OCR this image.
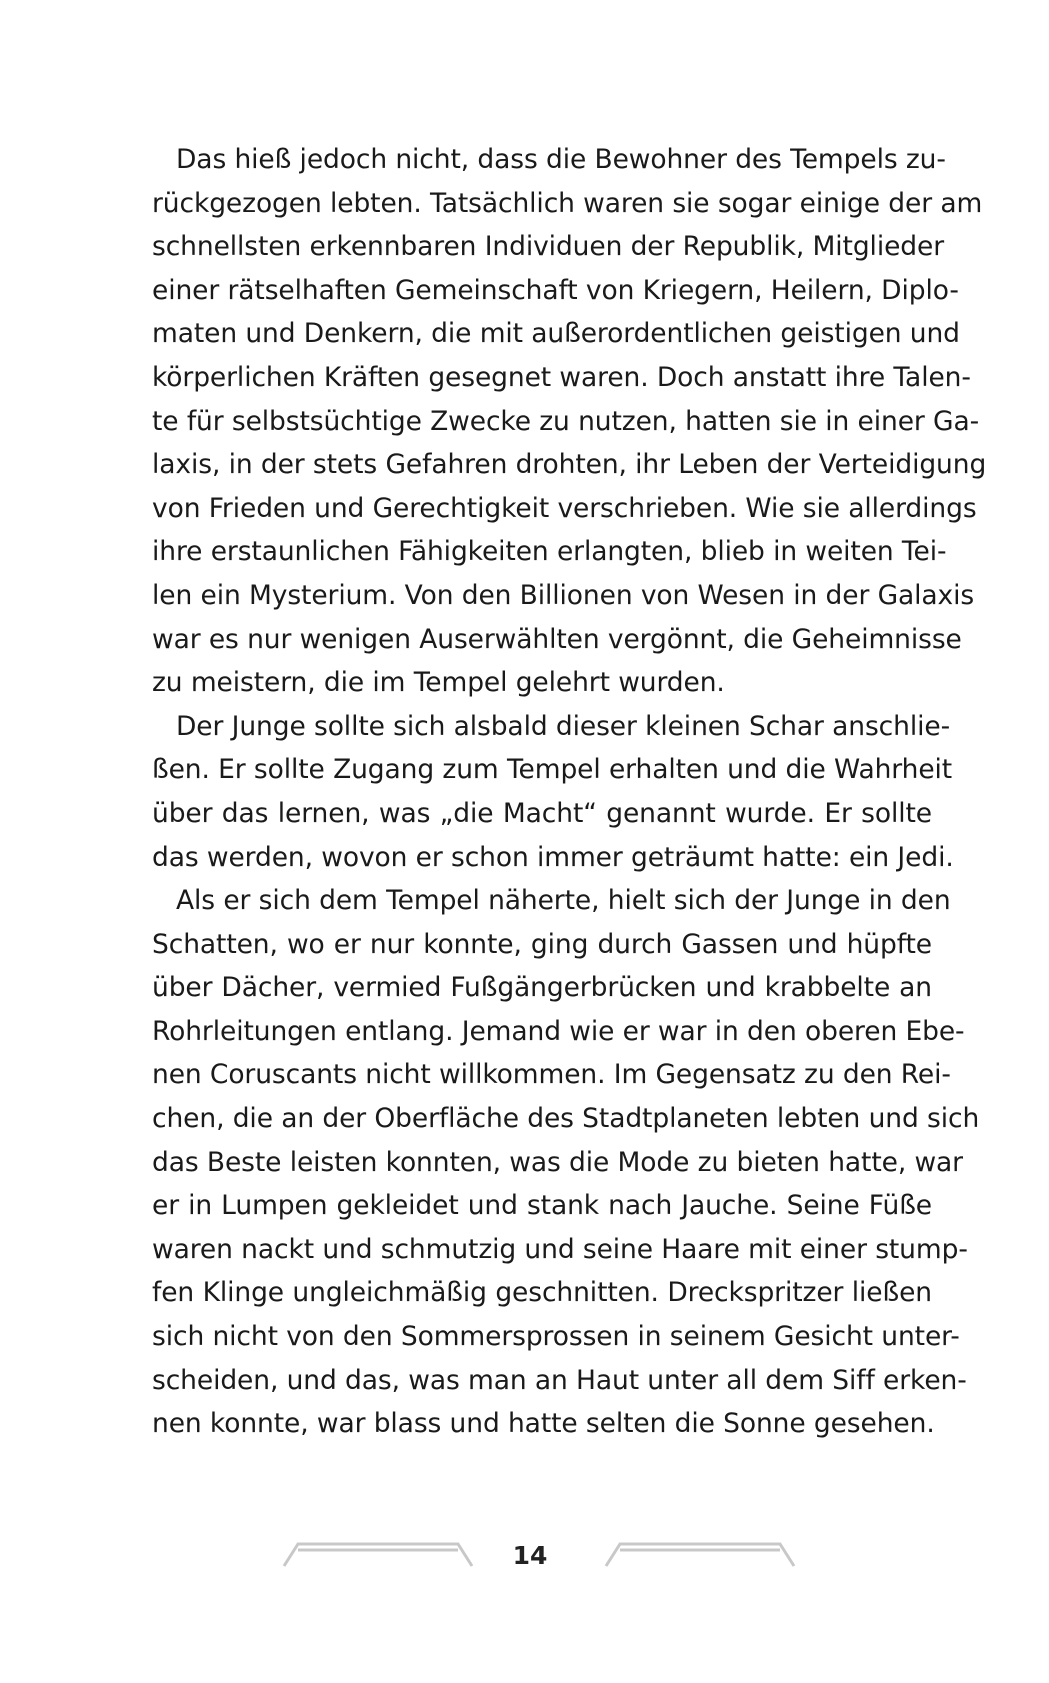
Das hieß jedoch nicht, dass die Bewohner des Tempels zu-
rückgezogen lebten. Tatsächlich waren sie sogar einige der am
schnellsten erkennbaren Individuen der Republik, Mitglieder
einer rätselhaften Gemeinschaft von Kriegern, Heilern, Diplo-
maten und Denkern, die mit außerordentlichen geistigen und
körperlichen Kräften gesegnet waren. Doch anstatt ihre Talen-
te für selbstsüchtige Zwecke zu nutzen, hatten sie in einer Ga-
laxis, in der stets Gefahren drohten, ihr Leben der Verteidigung
von Frieden und Gerechtigkeit verschrieben. Wie sie allerdings
ihre erstaunlichen Fähigkeiten erlangten, blieb in weiten Tei-
len ein Mysterium. Von den Billionen von Wesen in der Galaxis
war es nur wenigen Auserwählten vergönnt, die Geheimnisse
zu meistern, die im Tempel gelehrt wurden.
Der Junge sollte sich alsbald dieser kleinen Schar anschlie-
ßen. Er sollte Zugang zum Tempel erhalten und die Wahrheit
über das lernen, was „die Macht“ genannt wurde. Er sollte
das werden, wovon er schon immer geträumt hatte: ein Jedi.
Als er sich dem Tempel näherte, hielt sich der Junge in den
Schatten, wo er nur konnte, ging durch Gassen und hüpfte
über Dächer, vermied Fußgängerbrücken und krabbelte an
Rohrleitungen entlang. Jemand wie er war in den oberen Ebe-
nen Coruscants nicht willkommen. Im Gegensatz zu den Rei-
chen, die an der Oberfläche des Stadtplaneten lebten und sich
das Beste leisten konnten, was die Mode zu bieten hatte, war
er in Lumpen gekleidet und stank nach Jauche. Seine Füße
waren nackt und schmutzig und seine Haare mit einer stump-
fen Klinge ungleichmäßig geschnitten. Dreckspritzer ließen
sich nicht von den Sommersprossen in seinem Gesicht unter-
scheiden, und das, was man an Haut unter all dem Siff erken-
nen konnte, war blass und hatte selten die Sonne gesehen.
14
